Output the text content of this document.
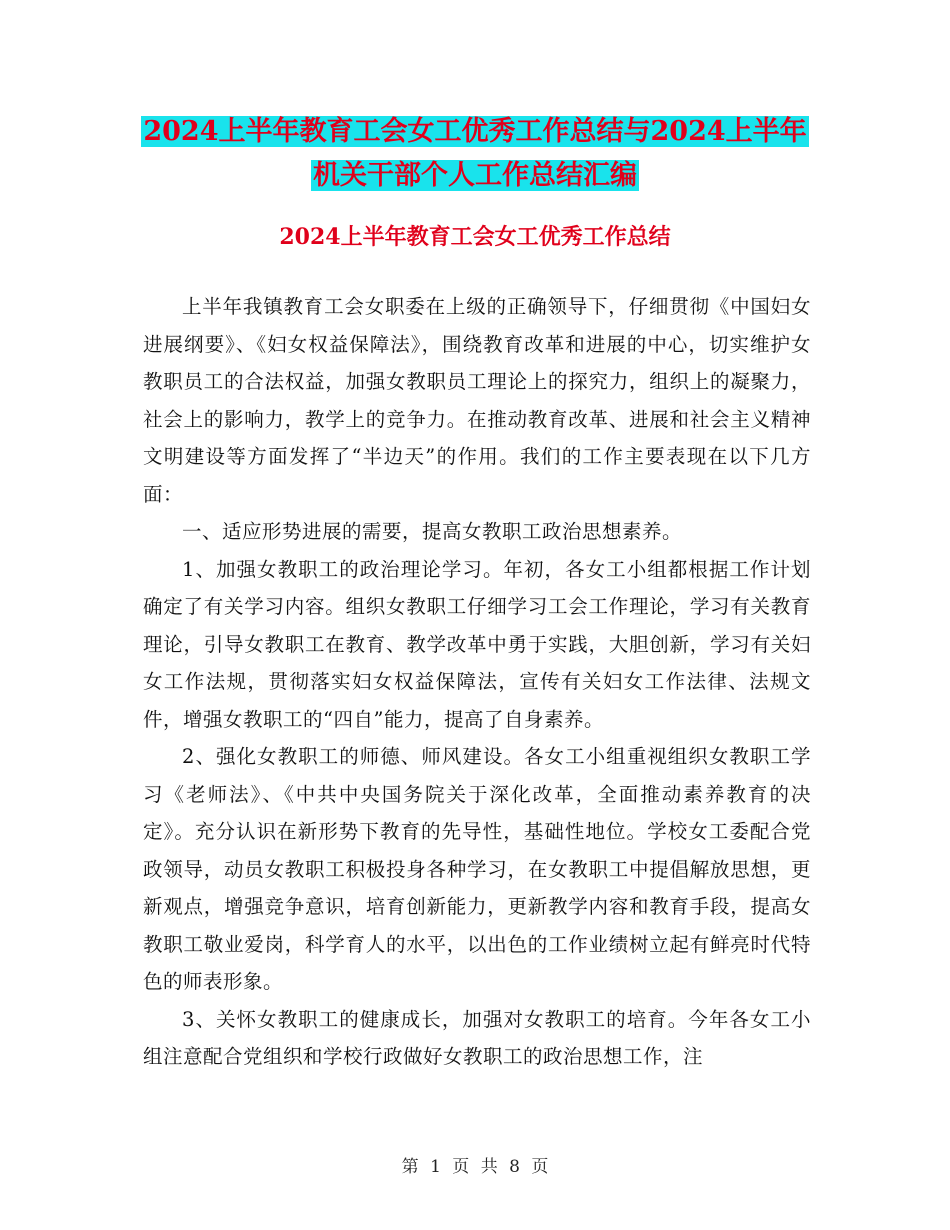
2024上半年教育工会女工优秀工作总结与2024上半年
机关干部个人工作总结汇编
2024上半年教育工会女工优秀工作总结

上半年我镇教育工会女职委在上级的正确领导下，仔细贯彻《中国妇女进展纲要》、《妇女权益保障法》，围绕教育改革和进展的中心，切实维护女教职员工的合法权益，加强女教职员工理论上的探究力，组织上的凝聚力，社会上的影响力，教学上的竞争力。在推动教育改革、进展和社会主义精神文明建设等方面发挥了“半边天”的作用。我们的工作主要表现在以下几方面：

一、适应形势进展的需要，提高女教职工政治思想素养。

1、加强女教职工的政治理论学习。年初，各女工小组都根据工作计划确定了有关学习内容。组织女教职工仔细学习工会工作理论，学习有关教育理论，引导女教职工在教育、教学改革中勇于实践，大胆创新，学习有关妇女工作法规，贯彻落实妇女权益保障法，宣传有关妇女工作法律、法规文件，增强女教职工的“四自”能力，提高了自身素养。

2、强化女教职工的师德、师风建设。各女工小组重视组织女教职工学习《老师法》、《中共中央国务院关于深化改革，全面推动素养教育的决定》。充分认识在新形势下教育的先导性，基础性地位。学校女工委配合党政领导，动员女教职工积极投身各种学习，在女教职工中提倡解放思想，更新观点，增强竞争意识，培育创新能力，更新教学内容和教育手段，提高女教职工敬业爱岗，科学育人的水平，以出色的工作业绩树立起有鲜亮时代特色的师表形象。

3、关怀女教职工的健康成长，加强对女教职工的培育。今年各女工小组注意配合党组织和学校行政做好女教职工的政治思想工作，注

第 1 页 共 8 页
